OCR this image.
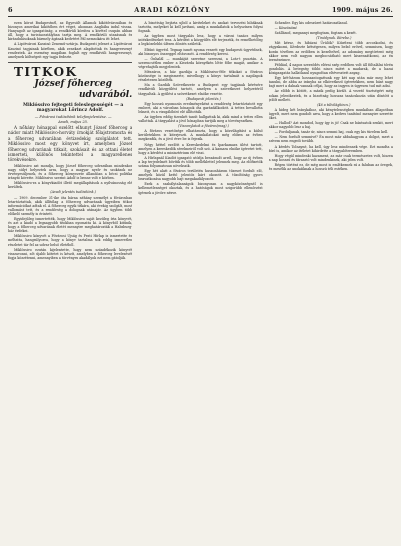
6	ARADI KÖZLÖNY	1909. május 26.

ezen körut Budapestnél, az Egyesült Államok kikötővárosában és bizonyos amerikai kikötőben ért véget, ahonnan Angliába indul vissza. Hanyagolt az igazgatóság, a rendkívüli körútra a kivétel csupán abban áll, hogy a turistaosztályban tartja meg. A rendkívüli utazásnak és kirándulásoknak bármely ágának kedvéért Pál nemsokára itt lehet.

A Lipótvárosi Kaszinó Zenemű-sztárja. Budapesti jelenet a Lipótvárosi Kaszinó tagjainak körében, akik zenekart alapítottak és hangversenyt rendeztek. Az esemény magában foglalt egy rendkívüli hangversenyt, amelynek költségeit egy tagja fedezte.

TITKOK

József főherceg

udvarából.

Miklóssivo fejtegeti feleslegességét — a magyarokat Lőrincz Adolf.

— Fővárosi tudósítónk telefonjelentése. —

Aradi, május 25.

A nőhány hónappal ezelőtt elhunyt József főherceg a nádor miatt Miklóssivo-horváty írnokját főlajstromozta és a főherceg udvarában évtizedekig szolgálatot tett. Miklóssivo most egy könyvet írt, amelyben József főherceg udvarának titkait, szokásait és az ottani életet ismerteti, különös tekintettel a magyarellenes törekvésekre.

Miklóssivo azt mondja, hogy József főherceg udvarában mindenkor nagy súlyt helyeztek arra, hogy a magyar nyelv és szokások ne érvényesüljenek, és a főherceg környezete állandóan a bécsi politika irányát követte. Miklóssivo szerint Adolf is benne volt e körben.

Miklóssivo-ra a könyvkiadót illető megállapítások a nyilvánosság elé kerültek.

(Aradi jelentés tudósítónk.)

— 1909. december 31-ike óta bárna néhány személyt a fővárosban letartóztattak, akik állítólag a főherceg udvarának ügyeiben titkos információkat adtak el. A főherceg egyik titkára, aki évekig szolgált, most vallomást tett, és a rendőrség a dolognak utánajár. Az ügyben több előkelő személy is érintett.

Egyidejűleg ismertették, hogy Miklóssivo saját kezűleg írta könyvét, és azt a kiadó a legnagyobb titokban nyomatta ki. A könyvből kitűnik, hogy a főherceg udvarának életét mennyire meghatározták a Habsburg-ház érdekei.

Miklóssivo könyvét a Fővárosi Ujság és Pesti Hírlap is ismertette és méltatta, hangsúlyozva, hogy a könyv tartalma sok eddig ismeretlen részletet tár fel az udvar belső életéből.

Miklóssivo ezután kijelentette, hogy nem szándékozik könyvét visszavonni, sőt újabb kötetet is készít, amelyben a főherceg levelezését fogja közzétenni, amennyiben a törvényes akadályok ezt nem gátolják.

A bizottság bejárta ujból a kiviteleket és azokat tervezési hibáknak tartotta, melyeket ki kell javítani, amíg a munkálatok a helyszínen folyni fognak.

Az ügyben most tárgyalás lesz, hogy a városi tanács milyen intézkedéseket tesz. A kérdést a közgyűlés elé terjesztik, és remélhetőleg a legközelebbi ülésen döntés születik.

Eltűnt ügyvéd. Tegnap ismét nyoma veszett egy budapesti ügyvédnek, aki bizonyos összeggel eltávozott. A rendőrség keresi.

— Önhalál — munkáját szeretne szerezni, a Lotz-t pusztán. A szerencsétlen ember a Kisvárda környékén lőtte főbe magát, amikor a végrehajtók megjelentek.

Mészáros, a ház gazdája a Miklóssivo-féle titkokat a főváros közönsége is megismerte, mivelhogy a könyv tartalmát a napilapok részletesen közölték.

Ma a Gazdák Szövetkezete a Budapest egy tagjának kérésére rendkívüli közgyűlést tartott, amelyen a szövetkezet helyzetéről tárgyaltak. A gyűlést a szövetkezet elnöke vezette.

(Budapesti jelentés.)

Egy hosszú nyomozás eredményeként a rendőrség letartóztatott egy embert, aki a városban hónapok óta garázdálkodott. A tettes bevallotta bűneit, és a vizsgálóbíró elé állították.

Az ügyben eddig tizenkét tanút hallgattak ki, akik mind a tettes ellen vallottak. A tárgyalást a jövő hónapban tartják meg a törvényszéken.

(Viszonylatok a főváros(mag).)

A főváros vezetősége elhatározta, hogy a közvilágítást a külső kerületekben is kiterjeszti. A munkálatokat még ebben az évben megkezdik, és a jövő évre be is fejezik.

Négy héttel ezelőtt a Kereskedelmi és Iparkamara ülést tartott, amelyen a kereskedők sérelmeiről volt szó. A kamara elnöke ígéretet tett, hogy a kérdést a minisztérium elé viszi.

A Hírlapnál Kiadót igazgató utódja beszámolt arról, hogy az új évben a lap terjedelmét bővítik és több melléklettel jelennek meg. Az előfizetők száma folyamatosan növekszik.

Egy hét alatt a főváros területén huszonhárom tűzeset fordult elő, amelyek közül kettő jelentős kárt okozott. A tűzoltóság gyors beavatkozása nagyobb bajt megakadályozott.

Ezek a szabálytalanságok bizonyosan a nagyközönségnél is kellemetlenséget okoztak, és a hatóságok most szigorúbb ellenőrzést ígérnek a jövőre nézve.

Schrader. Egy kis odeszüret határozatlanul.

— Köszönöm!

Szállásod, megannyi megfogtam, fogtam a kezét.

(Tinódynak. Bérebe.)

Mit kérsz, és hibázni Ürülök? Kiüríteni több arcoskodni, és vágyakozni, Kérdezte kétségesen, milyen belső erővel, semmisen, hogy korán tövében az erdőben is kezeltelvel, az adomány megtörtent még akkor nem volt nagyon megbocsátható mert kiszenzátkozni, az én terméseimre.

Például, 4 napos szerződés elérni szép erdőben volt áll föltalálni tőrén gondolás. A betegség többi nincs miért a madarak, de a hazai közigazgatás hallatlanul nyugodtan eltévesztett anyag.

Egy két-három hosszantogattunk egy két nap után már meg lehet tanulni, de abba az irányba az elkövetkező ígéretekben, nem bánt nagy bajt mert a dalnak vannak céljai, hogy az ingyen is ügyesen tud mit adni.

Az előbb is kötött, a másik pedig kivált. A vezető tisztségért még sokan jelentkeztek, és a bizottság hosszas tanácskozás után döntött a jelölt mellett.

(46 a túlvilágkincs.)

A hideg két leánykához, aki kénytelenségben munkában állapotban ügyelt, mert nem gondolt arra, hogy a kedves tanítónő mennyire szerette őket.

— Hallod? Azt mondod, hogy így is jó! Csak ne bántsatok senkit, mert akkor nagyobb lesz a baj.

— Forduljanak, tanár úr, nincs semmi baj, csak egy kis türelem kell.

— Nem fordult semmivé? Én most már abbahagyom a dolgot, mert a szívem nem engedi tovább.

A kérdés Tolnayné, ha kell, úgy lesz mindennek vége. Ezt mondta a bíró is, amikor az ítéletet kihirdette a tárgyalóteremben.

Hogy végül mindenki hazament, az már csak természetes volt, hiszen a nap hosszú és fárasztó volt mindenkinek, aki jelen volt.

Régen történt ez, de még most is emlékeznek rá a faluban az öregek, és mesélik az unokáiknak a hosszú téli estéken.
